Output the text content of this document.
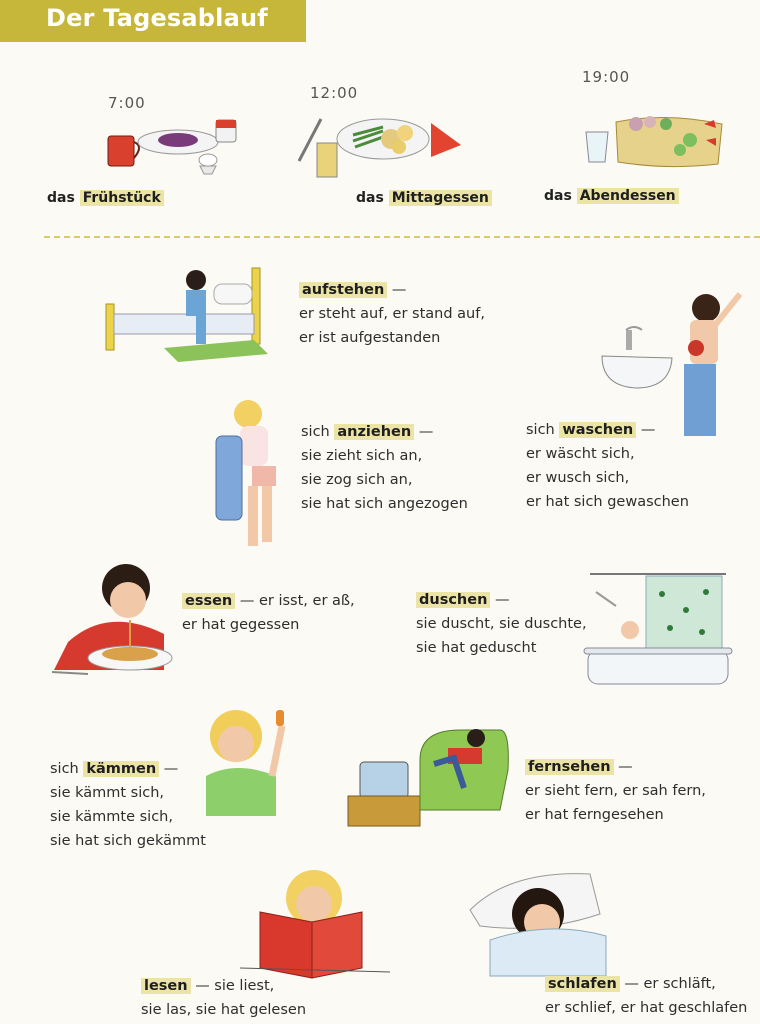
Der Tagesablauf
7:00
12:00
19:00
das Frühstück	das Mittagessen	das Abendessen
aufstehen —
er steht auf, er stand auf,
er ist aufgestanden
sich anziehen —
sie zieht sich an,
sie zog sich an,
sie hat sich angezogen
sich waschen —
er wäscht sich,
er wusch sich,
er hat sich gewaschen
essen — er isst, er aß,
er hat gegessen
duschen —
sie duscht, sie duschte,
sie hat geduscht
sich kämmen —
sie kämmt sich,
sie kämmte sich,
sie hat sich gekämmt
fernsehen —
er sieht fern, er sah fern,
er hat ferngesehen
lesen — sie liest,
sie las, sie hat gelesen
schlafen — er schläft,
er schlief, er hat geschlafen
